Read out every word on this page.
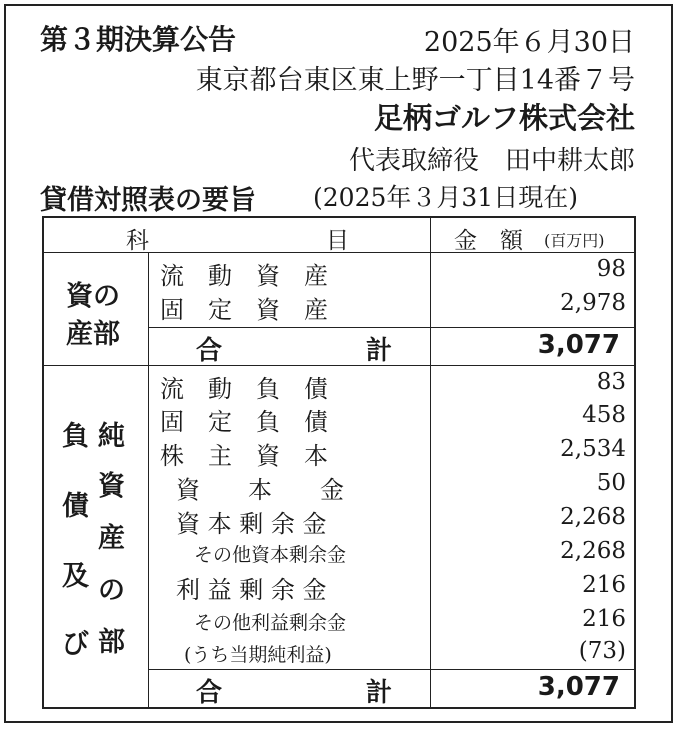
第３期決算公告	2025年６月30日
東京都台東区東上野一丁目14番７号
足柄ゴルフ株式会社
代表取締役　田中耕太郎
貸借対照表の要旨 (2025年３月31日現在)
科	目	金　額 (百万円)
資の
産部
流　動　資　産	98
固　定　資　産	2,978
合	計	3,077
負
債
及
び
純
資
産
の
部
流　動　負　債	83
固　定　負　債	458
株　主　資　本	2,534
資　　本　　金	50
資 本 剰 余 金	2,268
その他資本剰余金	2,268
利 益 剰 余 金	216
その他利益剰余金	216
(うち当期純利益)	(73)
合	計	3,077
